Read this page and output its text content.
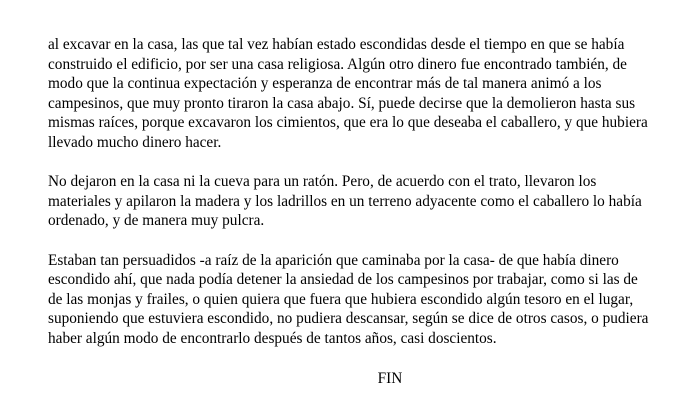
al excavar en la casa, las que tal vez habían estado escondidas desde el tiempo en que se había
construido el edificio, por ser una casa religiosa. Algún otro dinero fue encontrado también, de
modo que la continua expectación y esperanza de encontrar más de tal manera animó a los
campesinos, que muy pronto tiraron la casa abajo. Sí, puede decirse que la demolieron hasta sus
mismas raíces, porque excavaron los cimientos, que era lo que deseaba el caballero, y que hubiera
llevado mucho dinero hacer.

No dejaron en la casa ni la cueva para un ratón. Pero, de acuerdo con el trato, llevaron los
materiales y apilaron la madera y los ladrillos en un terreno adyacente como el caballero lo había
ordenado, y de manera muy pulcra.

Estaban tan persuadidos -a raíz de la aparición que caminaba por la casa- de que había dinero
escondido ahí, que nada podía detener la ansiedad de los campesinos por trabajar, como si las de
de las monjas y frailes, o quien quiera que fuera que hubiera escondido algún tesoro en el lugar,
suponiendo que estuviera escondido, no pudiera descansar, según se dice de otros casos, o pudiera
haber algún modo de encontrarlo después de tantos años, casi doscientos.

FIN
